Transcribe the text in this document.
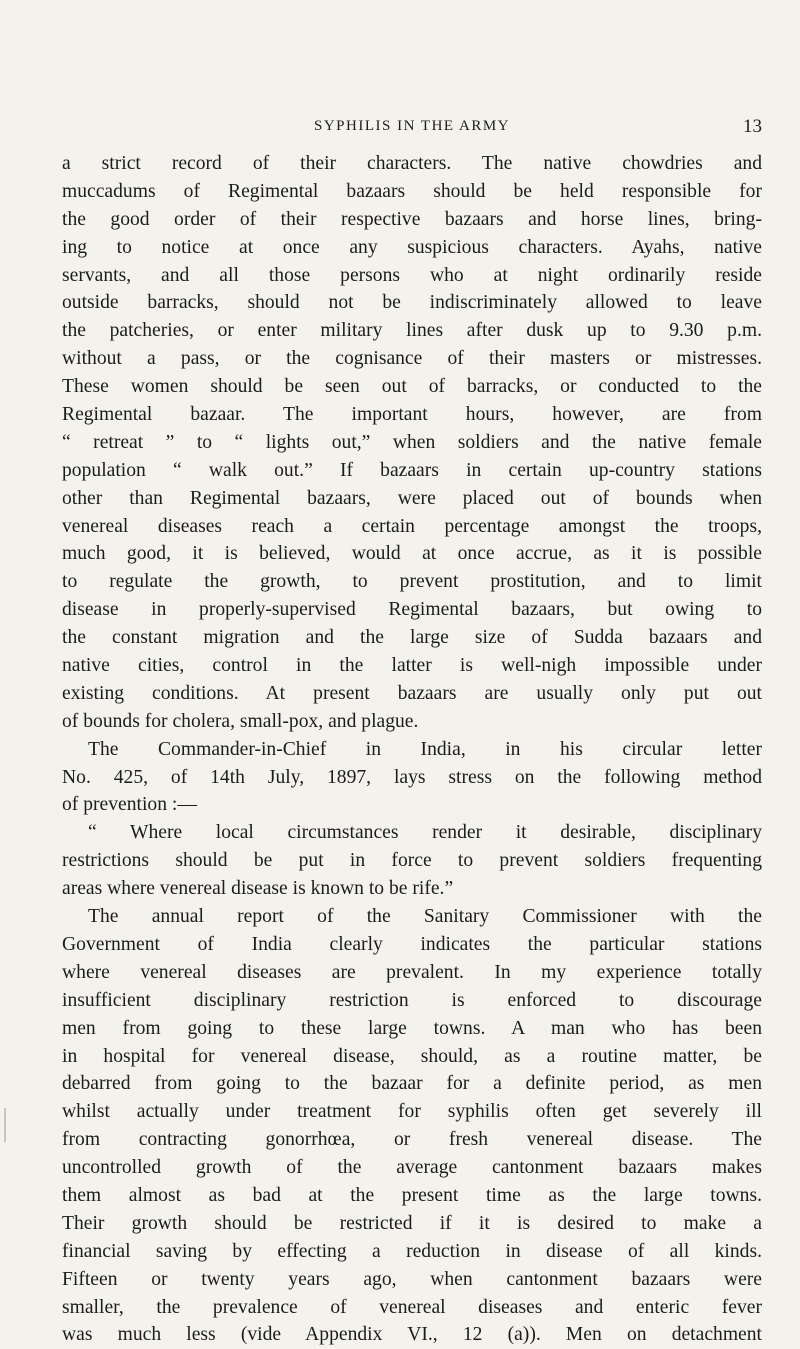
SYPHILIS IN THE ARMY	13
a strict record of their characters. The native chowdries and
muccadums of Regimental bazaars should be held responsible for
the good order of their respective bazaars and horse lines, bring-
ing to notice at once any suspicious characters. Ayahs, native
servants, and all those persons who at night ordinarily reside
outside barracks, should not be indiscriminately allowed to leave
the patcheries, or enter military lines after dusk up to 9.30 p.m.
without a pass, or the cognisance of their masters or mistresses.
These women should be seen out of barracks, or conducted to the
Regimental bazaar. The important hours, however, are from
“ retreat ” to “ lights out,” when soldiers and the native female
population “ walk out.” If bazaars in certain up-country stations
other than Regimental bazaars, were placed out of bounds when
venereal diseases reach a certain percentage amongst the troops,
much good, it is believed, would at once accrue, as it is possible
to regulate the growth, to prevent prostitution, and to limit
disease in properly-supervised Regimental bazaars, but owing to
the constant migration and the large size of Sudda bazaars and
native cities, control in the latter is well-nigh impossible under
existing conditions. At present bazaars are usually only put out
of bounds for cholera, small-pox, and plague.
The Commander-in-Chief in India, in his circular letter
No. 425, of 14th July, 1897, lays stress on the following method
of prevention :—
“ Where local circumstances render it desirable, disciplinary
restrictions should be put in force to prevent soldiers frequenting
areas where venereal disease is known to be rife.”
The annual report of the Sanitary Commissioner with the
Government of India clearly indicates the particular stations
where venereal diseases are prevalent. In my experience totally
insufficient disciplinary restriction is enforced to discourage
men from going to these large towns. A man who has been
in hospital for venereal disease, should, as a routine matter, be
debarred from going to the bazaar for a definite period, as men
whilst actually under treatment for syphilis often get severely ill
from contracting gonorrhœa, or fresh venereal disease. The
uncontrolled growth of the average cantonment bazaars makes
them almost as bad at the present time as the large towns.
Their growth should be restricted if it is desired to make a
financial saving by effecting a reduction in disease of all kinds.
Fifteen or twenty years ago, when cantonment bazaars were
smaller, the prevalence of venereal diseases and enteric fever
was much less (vide Appendix VI., 12 (a)). Men on detachment
